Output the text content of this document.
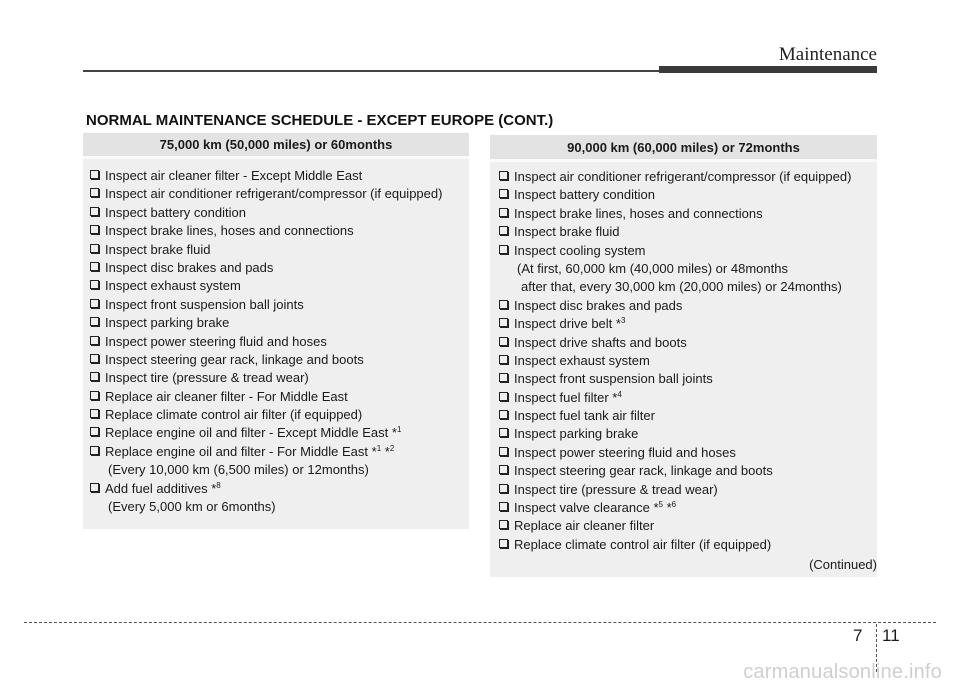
Maintenance
NORMAL MAINTENANCE SCHEDULE - EXCEPT EUROPE (CONT.)
75,000 km (50,000 miles) or 60months
Inspect air cleaner filter - Except Middle East
Inspect air conditioner refrigerant/compressor (if equipped)
Inspect battery condition
Inspect brake lines, hoses and connections
Inspect brake fluid
Inspect disc brakes and pads
Inspect exhaust system
Inspect front suspension ball joints
Inspect parking brake
Inspect power steering fluid and hoses
Inspect steering gear rack, linkage and boots
Inspect tire (pressure & tread wear)
Replace air cleaner filter - For Middle East
Replace climate control air filter (if equipped)
Replace engine oil and filter - Except Middle East *$^1$
Replace engine oil and filter - For Middle East *$^1$ *$^2$
(Every 10,000 km (6,500 miles) or 12months)
Add fuel additives *$^8$
(Every 5,000 km or 6months)
90,000 km (60,000 miles) or 72months
Inspect air conditioner refrigerant/compressor (if equipped)
Inspect battery condition
Inspect brake lines, hoses and connections
Inspect brake fluid
Inspect cooling system
(At first, 60,000 km (40,000 miles) or 48months
after that, every 30,000 km (20,000 miles) or 24months)
Inspect disc brakes and pads
Inspect drive belt *$^3$
Inspect drive shafts and boots
Inspect exhaust system
Inspect front suspension ball joints
Inspect fuel filter *$^4$
Inspect fuel tank air filter
Inspect parking brake
Inspect power steering fluid and hoses
Inspect steering gear rack, linkage and boots
Inspect tire (pressure & tread wear)
Inspect valve clearance *$^5$ *$^6$
Replace air cleaner filter
Replace climate control air filter (if equipped)
(Continued)
7 11
carmanualsonline.info
